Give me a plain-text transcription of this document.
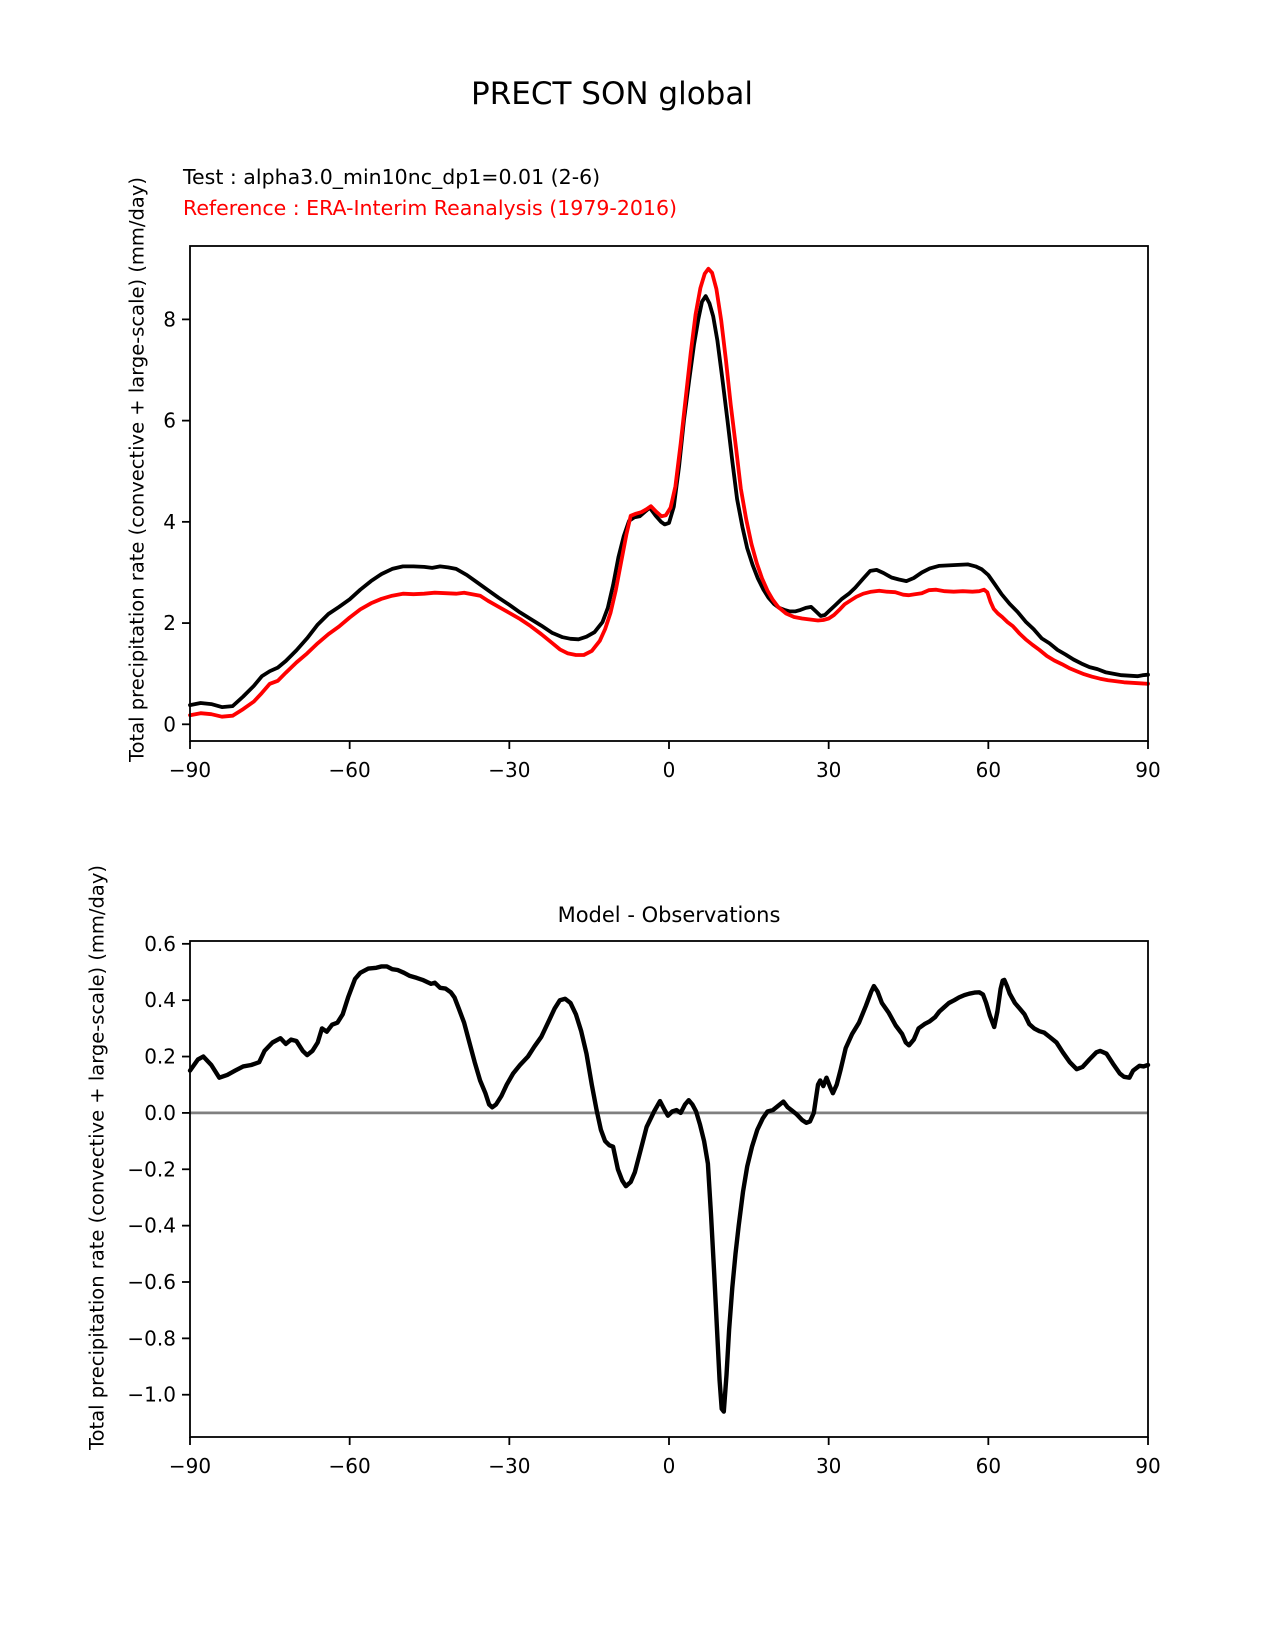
−90	−60	−30	0	30	60	90
0
2
4
6
8
−90	−60	−30	0	30	60	90
0.6
0.4
0.2
0.0
−0.2
−0.4
−0.6
−0.8
−1.0
PRECT SON global
Test : alpha3.0_min10nc_dp1=0.01 (2-6)
Reference : ERA-Interim Reanalysis (1979-2016)
Total precipitation rate (convective + large-scale) (mm/day)
Model - Observations
Total precipitation rate (convective + large-scale) (mm/day)
